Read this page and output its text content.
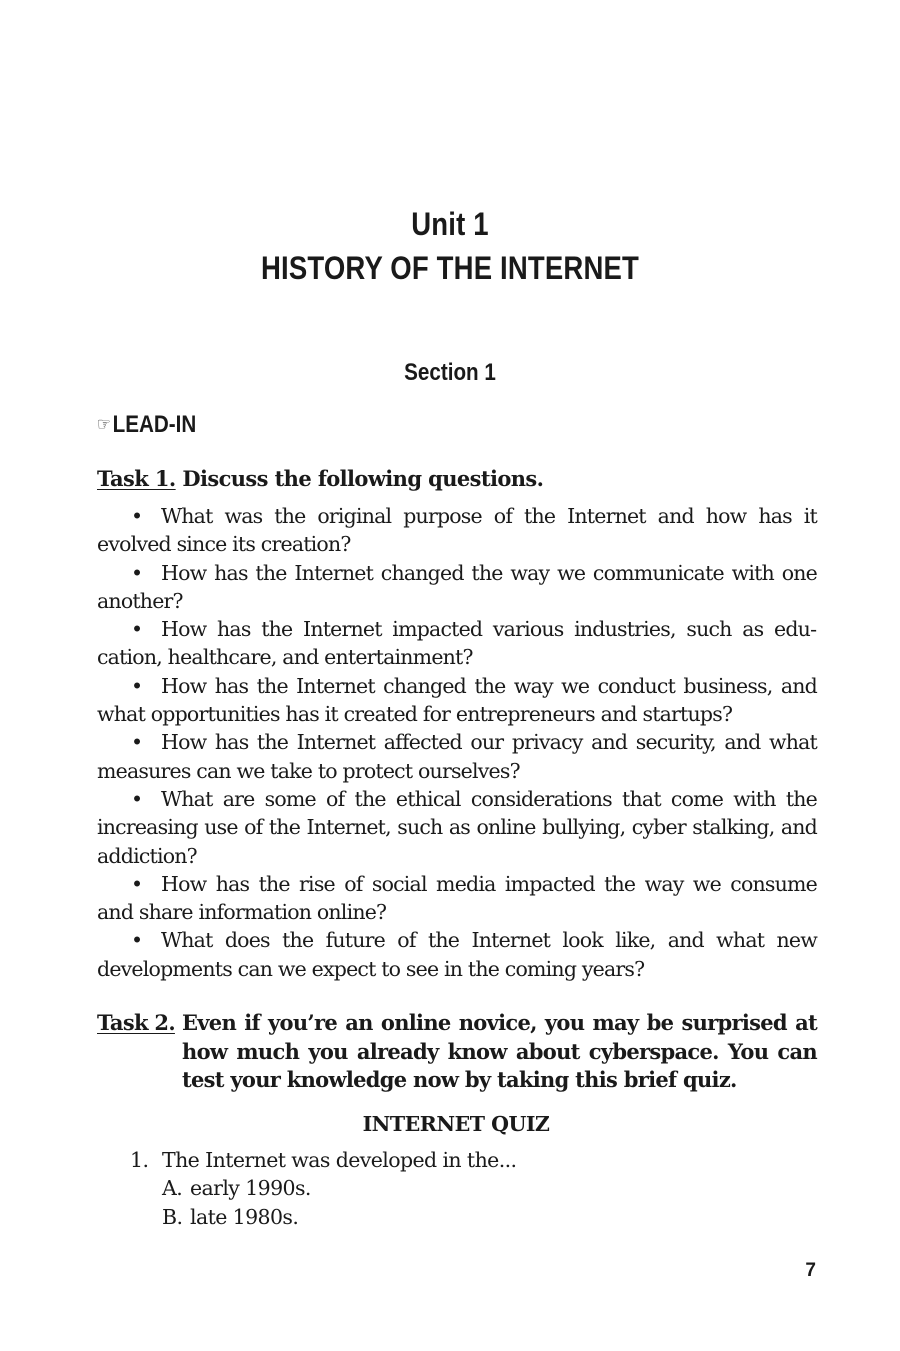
Unit 1
HISTORY OF THE INTERNET
Section 1
☞LEAD-IN
Task 1. Discuss the following questions.

• What was the original purpose of the Internet and how has it evolved since its creation?

• How has the Internet changed the way we communicate with one another?

• How has the Internet impacted various industries, such as education, healthcare, and entertainment?

• How has the Internet changed the way we conduct business, and what opportunities has it created for entrepreneurs and startups?

• How has the Internet affected our privacy and security, and what measures can we take to protect ourselves?

• What are some of the ethical considerations that come with the increasing use of the Internet, such as online bullying, cyber stalking, and addiction?

• How has the rise of social media impacted the way we consume and share information online?

• What does the future of the Internet look like, and what new developments can we expect to see in the coming years?

Task 2. Even if you’re an online novice, you may be surprised at how much you already know about cyberspace. You can test your knowledge now by taking this brief quiz.
INTERNET QUIZ
1. The Internet was developed in the...
A. early 1990s.
B. late 1980s.
7
